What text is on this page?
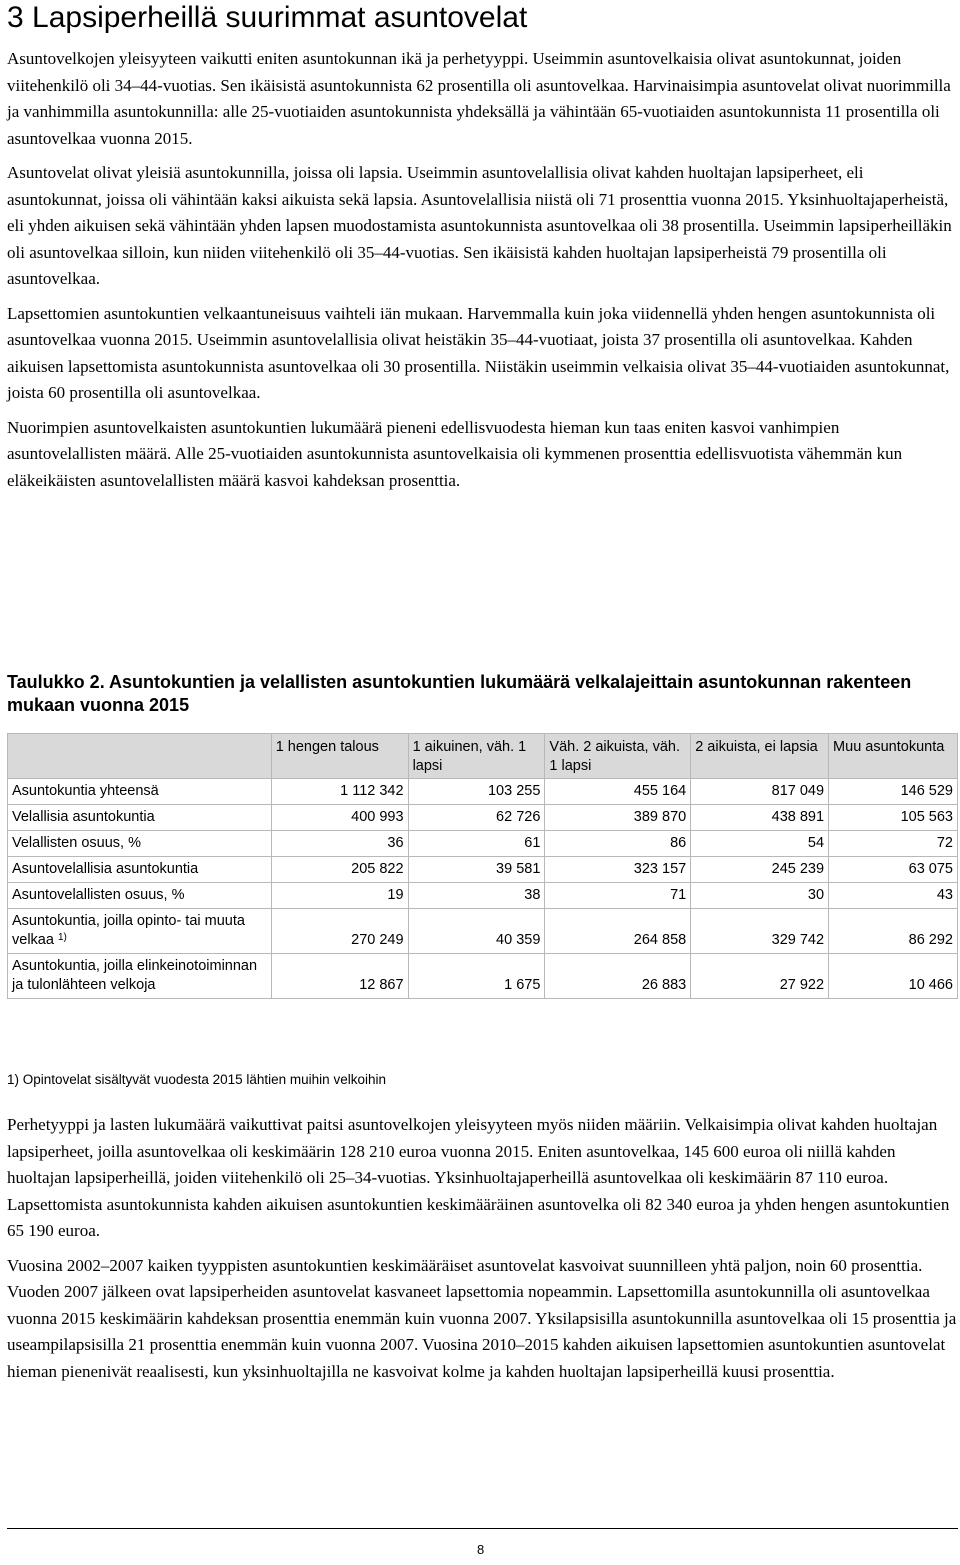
3 Lapsiperheillä suurimmat asuntovelat

Asuntovelkojen yleisyyteen vaikutti eniten asuntokunnan ikä ja perhetyyppi. Useimmin asuntovelkaisia olivat asuntokunnat, joiden viitehenkilö oli 34–44-vuotias. Sen ikäisistä asuntokunnista 62 prosentilla oli asuntovelkaa. Harvinaisimpia asuntovelat olivat nuorimmilla ja vanhimmilla asuntokunnilla: alle 25-vuotiaiden asuntokunnista yhdeksällä ja vähintään 65-vuotiaiden asuntokunnista 11 prosentilla oli asuntovelkaa vuonna 2015.

Asuntovelat olivat yleisiä asuntokunnilla, joissa oli lapsia. Useimmin asuntovelallisia olivat kahden huoltajan lapsiperheet, eli asuntokunnat, joissa oli vähintään kaksi aikuista sekä lapsia. Asuntovelallisia niistä oli 71 prosenttia vuonna 2015. Yksinhuoltajaperheistä, eli yhden aikuisen sekä vähintään yhden lapsen muodostamista asuntokunnista asuntovelkaa oli 38 prosentilla. Useimmin lapsiperheilläkin oli asuntovelkaa silloin, kun niiden viitehenkilö oli 35–44-vuotias. Sen ikäisistä kahden huoltajan lapsiperheistä 79 prosentilla oli asuntovelkaa.

Lapsettomien asuntokuntien velkaantuneisuus vaihteli iän mukaan. Harvemmalla kuin joka viidennellä yhden hengen asuntokunnista oli asuntovelkaa vuonna 2015. Useimmin asuntovelallisia olivat heistäkin 35–44-vuotiaat, joista 37 prosentilla oli asuntovelkaa. Kahden aikuisen lapsettomista asuntokunnista asuntovelkaa oli 30 prosentilla. Niistäkin useimmin velkaisia olivat 35–44-vuotiaiden asuntokunnat, joista 60 prosentilla oli asuntovelkaa.

Nuorimpien asuntovelkaisten asuntokuntien lukumäärä pieneni edellisvuodesta hieman kun taas eniten kasvoi vanhimpien asuntovelallisten määrä. Alle 25-vuotiaiden asuntokunnista asuntovelkaisia oli kymmenen prosenttia edellisvuotista vähemmän kun eläkeikäisten asuntovelallisten määrä kasvoi kahdeksan prosenttia.

Taulukko 2. Asuntokuntien ja velallisten asuntokuntien lukumäärä velkalajeittain asuntokunnan rakenteen mukaan vuonna 2015
	1 hengen talous	1 aikuinen, väh. 1 lapsi	Väh. 2 aikuista, väh. 1 lapsi	2 aikuista, ei lapsia	Muu asuntokunta
Asuntokuntia yhteensä	1 112 342	103 255	455 164	817 049	146 529
Velallisia asuntokuntia	400 993	62 726	389 870	438 891	105 563
Velallisten osuus, %	36	61	86	54	72
Asuntovelallisia asuntokuntia	205 822	39 581	323 157	245 239	63 075
Asuntovelallisten osuus, %	19	38	71	30	43
Asuntokuntia, joilla opinto- tai muuta velkaa $^{1)}$	270 249	40 359	264 858	329 742	86 292
Asuntokuntia, joilla elinkeinotoiminnan ja tulonlähteen velkoja	12 867	1 675	26 883	27 922	10 466
1) Opintovelat sisältyvät vuodesta 2015 lähtien muihin velkoihin

Perhetyyppi ja lasten lukumäärä vaikuttivat paitsi asuntovelkojen yleisyyteen myös niiden määriin. Velkaisimpia olivat kahden huoltajan lapsiperheet, joilla asuntovelkaa oli keskimäärin 128 210 euroa vuonna 2015. Eniten asuntovelkaa, 145 600 euroa oli niillä kahden huoltajan lapsiperheillä, joiden viitehenkilö oli 25–34-vuotias. Yksinhuoltajaperheillä asuntovelkaa oli keskimäärin 87 110 euroa. Lapsettomista asuntokunnista kahden aikuisen asuntokuntien keskimääräinen asuntovelka oli 82 340 euroa ja yhden hengen asuntokuntien 65 190 euroa.

Vuosina 2002–2007 kaiken tyyppisten asuntokuntien keskimääräiset asuntovelat kasvoivat suunnilleen yhtä paljon, noin 60 prosenttia. Vuoden 2007 jälkeen ovat lapsiperheiden asuntovelat kasvaneet lapsettomia nopeammin. Lapsettomilla asuntokunnilla oli asuntovelkaa vuonna 2015 keskimäärin kahdeksan prosenttia enemmän kuin vuonna 2007. Yksilapsisilla asuntokunnilla asuntovelkaa oli 15 prosenttia ja useampilapsisilla 21 prosenttia enemmän kuin vuonna 2007. Vuosina 2010–2015 kahden aikuisen lapsettomien asuntokuntien asuntovelat hieman pienenivät reaalisesti, kun yksinhuoltajilla ne kasvoivat kolme ja kahden huoltajan lapsiperheillä kuusi prosenttia.

8
